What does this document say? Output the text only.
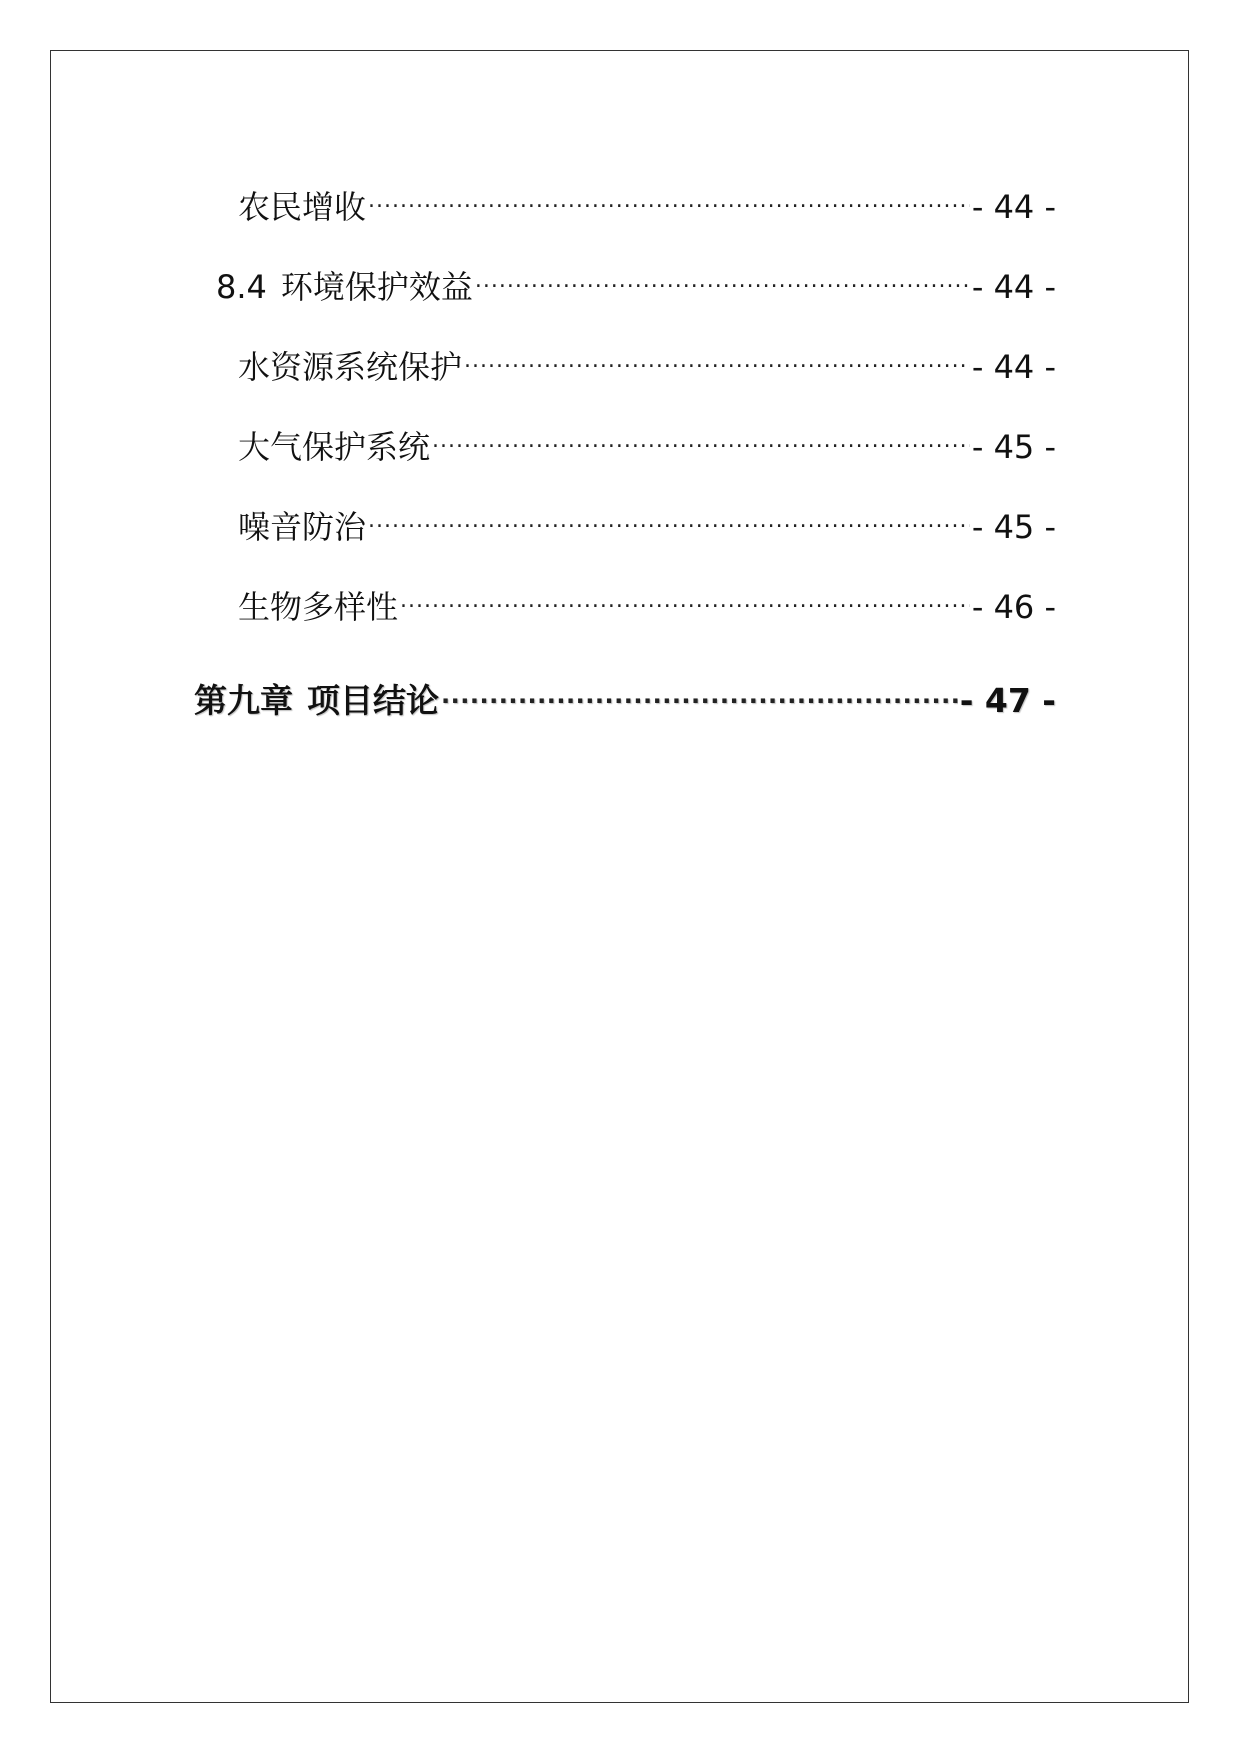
农民增收 .....	- 44 -
8.4 环境保护效益 .....	- 44 -
水资源系统保护 .....	- 44 -
大气保护系统 .....	- 45 -
噪音防治 .....	- 45 -
生物多样性 .....	- 46 -
第九章 项目结论 .....	- 47 -
